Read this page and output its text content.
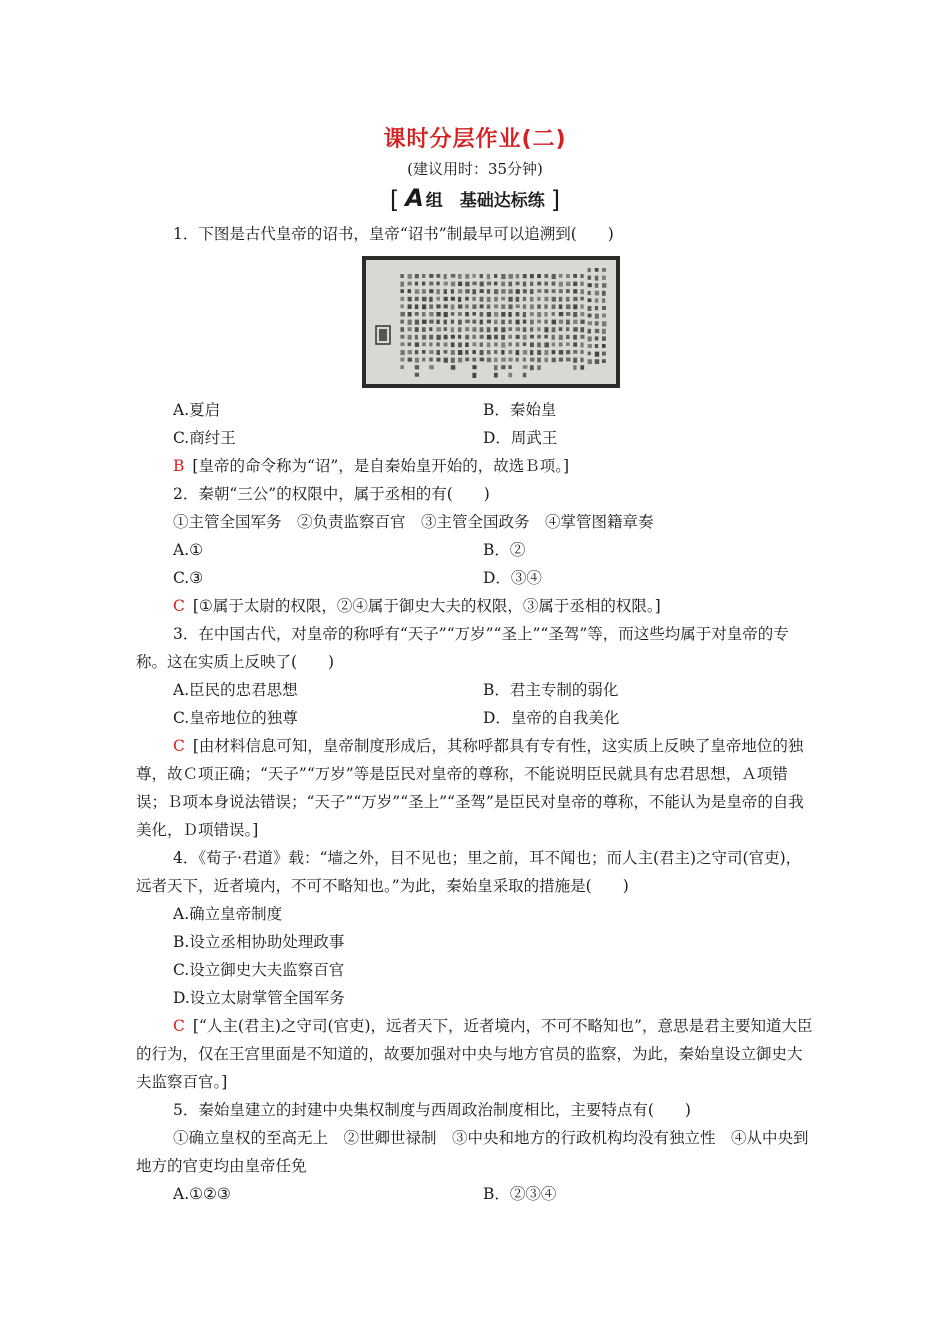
课时分层作业(二)
(建议用时：35分钟)
[ A 组　基础达标练 ]

1．下图是古代皇帝的诏书，皇帝“诏书”制最早可以追溯到(　　)

A.夏启	B．秦始皇
C.商纣王	D．周武王

B [皇帝的命令称为“诏”，是自秦始皇开始的，故选Ｂ项。]

2．秦朝“三公”的权限中，属于丞相的有(　　)

①主管全国军务　②负责监察百官　③主管全国政务　④掌管图籍章奏

A.①	B．②
C.③	D．③④

C [①属于太尉的权限，②④属于御史大夫的权限，③属于丞相的权限。]

3．在中国古代，对皇帝的称呼有“天子”“万岁”“圣上”“圣驾”等，而这些均属于对皇帝的专称。这在实质上反映了(　　)

A.臣民的忠君思想	B．君主专制的弱化
C.皇帝地位的独尊	D．皇帝的自我美化

C [由材料信息可知，皇帝制度形成后，其称呼都具有专有性，这实质上反映了皇帝地位的独尊，故Ｃ项正确；“天子”“万岁”等是臣民对皇帝的尊称，不能说明臣民就具有忠君思想，Ａ项错误；Ｂ项本身说法错误；“天子”“万岁”“圣上”“圣驾”是臣民对皇帝的尊称，不能认为是皇帝的自我美化，Ｄ项错误。]

4．《荀子·君道》载：“墙之外，目不见也；里之前，耳不闻也；而人主(君主)之守司(官吏)，远者天下，近者境内，不可不略知也。”为此，秦始皇采取的措施是(　　)

A.确立皇帝制度

B.设立丞相协助处理政事

C.设立御史大夫监察百官

D.设立太尉掌管全国军务

C [“人主(君主)之守司(官吏)，远者天下，近者境内，不可不略知也”，意思是君主要知道大臣的行为，仅在王宫里面是不知道的，故要加强对中央与地方官员的监察，为此，秦始皇设立御史大夫监察百官。]

5．秦始皇建立的封建中央集权制度与西周政治制度相比，主要特点有(　　)

①确立皇权的至高无上　②世卿世禄制　③中央和地方的行政机构均没有独立性　④从中央到地方的官吏均由皇帝任免

A.①②③	B．②③④
